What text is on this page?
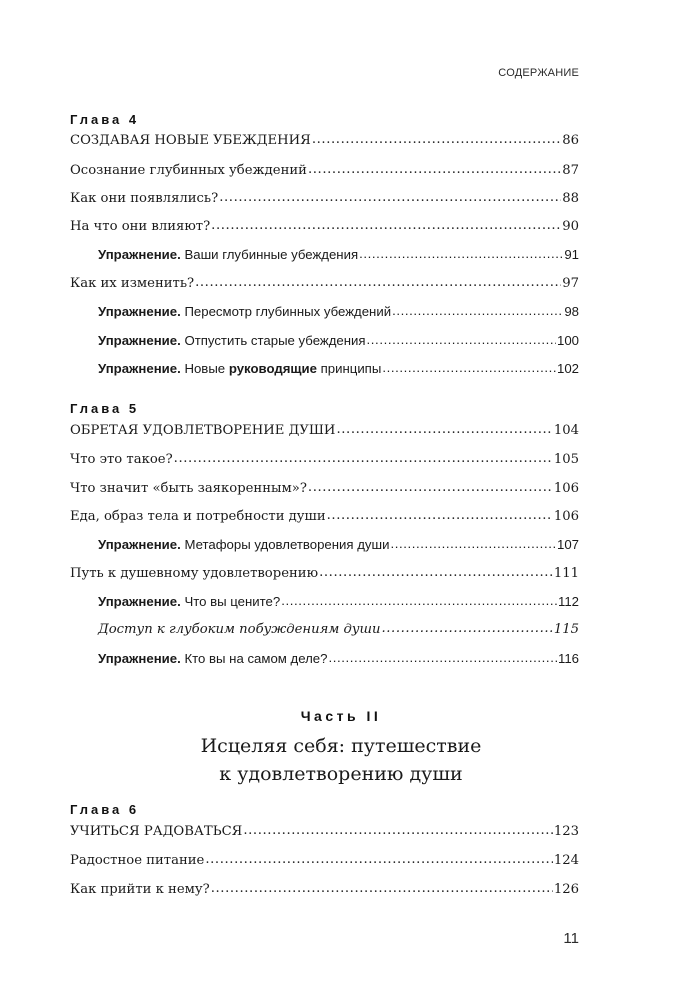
СОДЕРЖАНИЕ
Глава 4
СОЗДАВАЯ НОВЫЕ УБЕЖДЕНИЯ .....	86
Осознание глубинных убеждений .....	87
Как они появлялись? .....	88
На что они влияют? .....	90
Упражнение. Ваши глубинные убеждения .....	91
Как их изменить? .....	97
Упражнение. Пересмотр глубинных убеждений .....	98
Упражнение. Отпустить старые убеждения .....	100
Упражнение. Новые руководящие принципы .....	102
Глава 5
ОБРЕТАЯ УДОВЛЕТВОРЕНИЕ ДУШИ .....	104
Что это такое? .....	105
Что значит «быть заякоренным»? .....	106
Еда, образ тела и потребности души .....	106
Упражнение. Метафоры удовлетворения души .....	107
Путь к душевному удовлетворению .....	111
Упражнение. Что вы цените? .....	112
Доступ к глубоким побуждениям души .....	115
Упражнение. Кто вы на самом деле? .....	116
Часть II
Исцеляя себя: путешествие
к удовлетворению души
Глава 6
УЧИТЬСЯ РАДОВАТЬСЯ .....	123
Радостное питание .....	124
Как прийти к нему? .....	126
11
